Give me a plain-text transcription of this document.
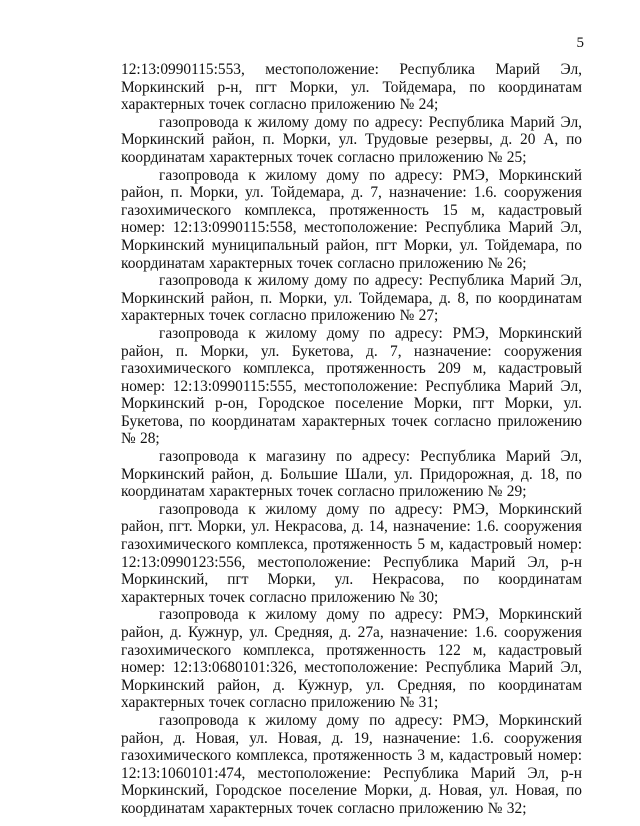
5

12:13:0990115:553, местоположение: Республика Марий Эл, Моркинский р-н, пгт Морки, ул. Тойдемара, по координатам характерных точек согласно приложению № 24;

газопровода к жилому дому по адресу: Республика Марий Эл, Моркинский район, п. Морки, ул. Трудовые резервы, д. 20 А, по координатам характерных точек согласно приложению № 25;

газопровода к жилому дому по адресу: РМЭ, Моркинский район, п. Морки, ул. Тойдемара, д. 7, назначение: 1.6. сооружения газохимического комплекса, протяженность 15 м, кадастровый номер: 12:13:0990115:558, местоположение: Республика Марий Эл, Моркинский муниципальный район, пгт Морки, ул. Тойдемара, по координатам характерных точек согласно приложению № 26;

газопровода к жилому дому по адресу: Республика Марий Эл, Моркинский район, п. Морки, ул. Тойдемара, д. 8, по координатам характерных точек согласно приложению № 27;

газопровода к жилому дому по адресу: РМЭ, Моркинский район, п. Морки, ул. Букетова, д. 7, назначение: сооружения газохимического комплекса, протяженность 209 м, кадастровый номер: 12:13:0990115:555, местоположение: Республика Марий Эл, Моркинский р-он, Городское поселение Морки, пгт Морки, ул. Букетова, по координатам характерных точек согласно приложению № 28;

газопровода к магазину по адресу: Республика Марий Эл, Моркинский район, д. Большие Шали, ул. Придорожная, д. 18, по координатам характерных точек согласно приложению № 29;

газопровода к жилому дому по адресу: РМЭ, Моркинский район, пгт. Морки, ул. Некрасова, д. 14, назначение: 1.6. сооружения газохимического комплекса, протяженность 5 м, кадастровый номер: 12:13:0990123:556, местоположение: Республика Марий Эл, р-н Моркинский, пгт Морки, ул. Некрасова, по координатам характерных точек согласно приложению № 30;

газопровода к жилому дому по адресу: РМЭ, Моркинский район, д. Кужнур, ул. Средняя, д. 27а, назначение: 1.6. сооружения газохимического комплекса, протяженность 122 м, кадастровый номер: 12:13:0680101:326, местоположение: Республика Марий Эл, Моркинский район, д. Кужнур, ул. Средняя, по координатам характерных точек согласно приложению № 31;

газопровода к жилому дому по адресу: РМЭ, Моркинский район, д. Новая, ул. Новая, д. 19, назначение: 1.6. сооружения газохимического комплекса, протяженность 3 м, кадастровый номер: 12:13:1060101:474, местоположение: Республика Марий Эл, р-н Моркинский, Городское поселение Морки, д. Новая, ул. Новая, по координатам характерных точек согласно приложению № 32;
